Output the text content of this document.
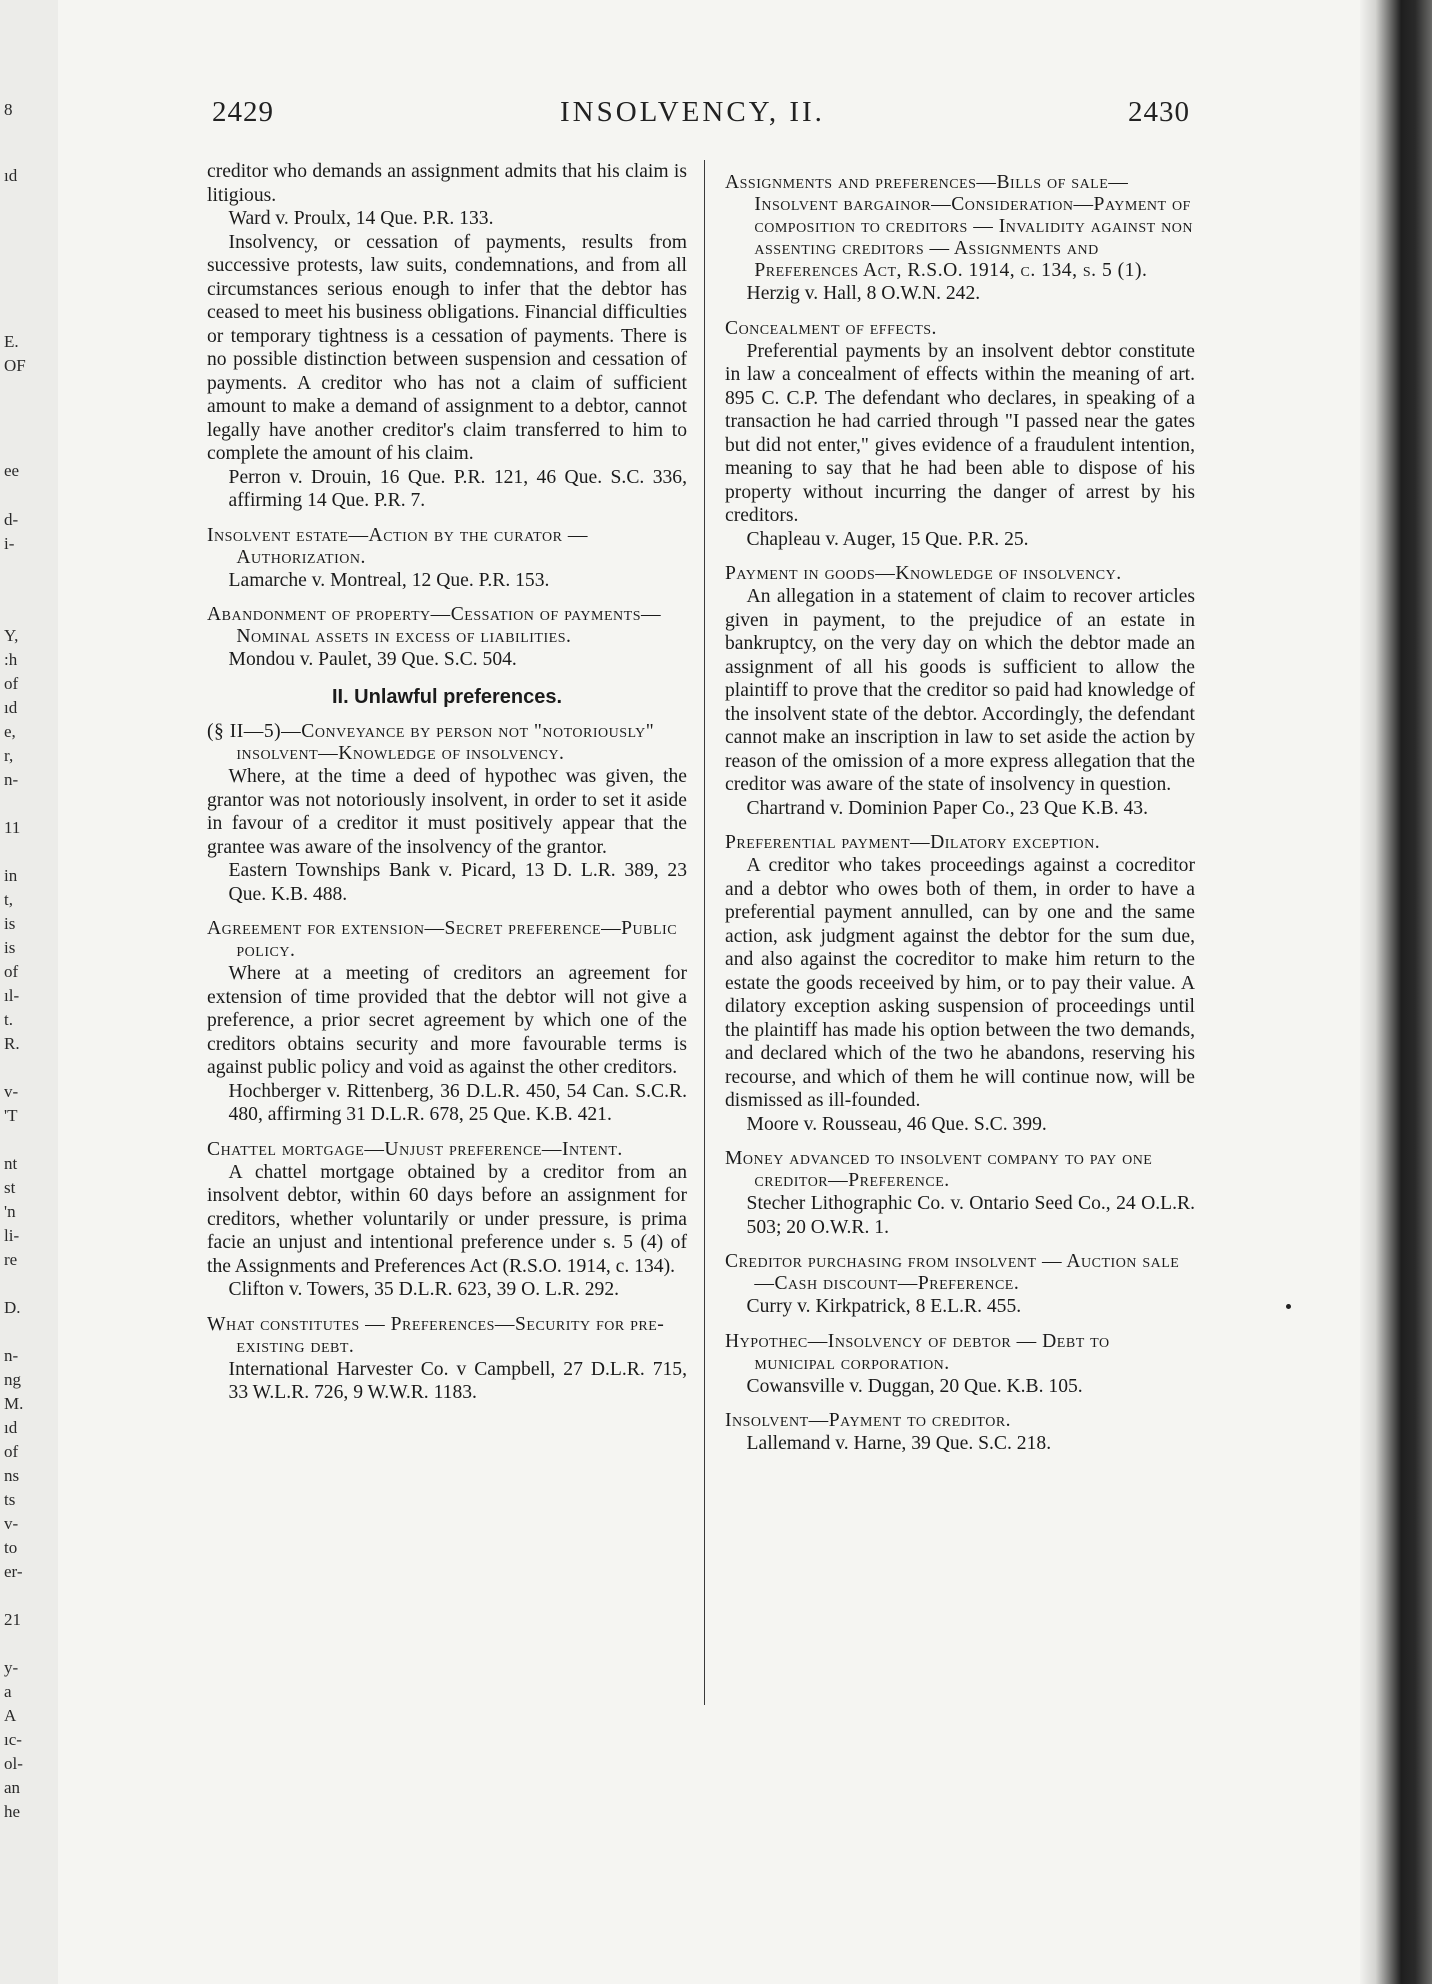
8
ıd
E.
OF
ee
d-
i-
Y,
:h
of
ıd
e,
r,
n-
11
in
t,
is
is
of
ıl-
t.
R.
v-
'T
nt
st
'n
li-
re
D.
n-
ng
M.
ıd
of
ns
ts
v-
to
er-
21
y-
a
A
ıc-
ol-
an
he
2429	INSOLVENCY, II.	2430

creditor who demands an assignment admits that his claim is litigious.

Ward v. Proulx, 14 Que. P.R. 133.

Insolvency, or cessation of payments, results from successive protests, law suits, condemnations, and from all circumstances serious enough to infer that the debtor has ceased to meet his business obligations. Financial difficulties or temporary tightness is a cessation of payments. There is no possible distinction between suspension and cessation of payments. A creditor who has not a claim of sufficient amount to make a demand of assignment to a debtor, cannot legally have another creditor's claim transferred to him to complete the amount of his claim.

Perron v. Drouin, 16 Que. P.R. 121, 46 Que. S.C. 336, affirming 14 Que. P.R. 7.

Insolvent estate—Action by the curator —Authorization.

Lamarche v. Montreal, 12 Que. P.R. 153.

Abandonment of property—Cessation of payments—Nominal assets in excess of liabilities.

Mondou v. Paulet, 39 Que. S.C. 504.

II. Unlawful preferences.

(§ II—5)—Conveyance by person not "notoriously" insolvent—Knowledge of insolvency.

Where, at the time a deed of hypothec was given, the grantor was not notoriously insolvent, in order to set it aside in favour of a creditor it must positively appear that the grantee was aware of the insolvency of the grantor.

Eastern Townships Bank v. Picard, 13 D. L.R. 389, 23 Que. K.B. 488.

Agreement for extension—Secret preference—Public policy.

Where at a meeting of creditors an agreement for extension of time provided that the debtor will not give a preference, a prior secret agreement by which one of the creditors obtains security and more favourable terms is against public policy and void as against the other creditors.

Hochberger v. Rittenberg, 36 D.L.R. 450, 54 Can. S.C.R. 480, affirming 31 D.L.R. 678, 25 Que. K.B. 421.

Chattel mortgage—Unjust preference—Intent.

A chattel mortgage obtained by a creditor from an insolvent debtor, within 60 days before an assignment for creditors, whether voluntarily or under pressure, is prima facie an unjust and intentional preference under s. 5 (4) of the Assignments and Preferences Act (R.S.O. 1914, c. 134).

Clifton v. Towers, 35 D.L.R. 623, 39 O. L.R. 292.

What constitutes — Preferences—Security for pre-existing debt.

International Harvester Co. v Campbell, 27 D.L.R. 715, 33 W.L.R. 726, 9 W.W.R. 1183.

Assignments and preferences—Bills of sale—Insolvent bargainor—Consideration—Payment of composition to creditors — Invalidity against non assenting creditors — Assignments and Preferences Act, R.S.O. 1914, c. 134, s. 5 (1).

Herzig v. Hall, 8 O.W.N. 242.

Concealment of effects.

Preferential payments by an insolvent debtor constitute in law a concealment of effects within the meaning of art. 895 C. C.P. The defendant who declares, in speaking of a transaction he had carried through "I passed near the gates but did not enter," gives evidence of a fraudulent intention, meaning to say that he had been able to dispose of his property without incurring the danger of arrest by his creditors.

Chapleau v. Auger, 15 Que. P.R. 25.

Payment in goods—Knowledge of insolvency.

An allegation in a statement of claim to recover articles given in payment, to the prejudice of an estate in bankruptcy, on the very day on which the debtor made an assignment of all his goods is sufficient to allow the plaintiff to prove that the creditor so paid had knowledge of the insolvent state of the debtor. Accordingly, the defendant cannot make an inscription in law to set aside the action by reason of the omission of a more express allegation that the creditor was aware of the state of insolvency in question.

Chartrand v. Dominion Paper Co., 23 Que K.B. 43.

Preferential payment—Dilatory exception.

A creditor who takes proceedings against a cocreditor and a debtor who owes both of them, in order to have a preferential payment annulled, can by one and the same action, ask judgment against the debtor for the sum due, and also against the cocreditor to make him return to the estate the goods receeived by him, or to pay their value. A dilatory exception asking suspension of proceedings until the plaintiff has made his option between the two demands, and declared which of the two he abandons, reserving his recourse, and which of them he will continue now, will be dismissed as ill-founded.

Moore v. Rousseau, 46 Que. S.C. 399.

Money advanced to insolvent company to pay one creditor—Preference.

Stecher Lithographic Co. v. Ontario Seed Co., 24 O.L.R. 503; 20 O.W.R. 1.

Creditor purchasing from insolvent — Auction sale—Cash discount—Preference.

Curry v. Kirkpatrick, 8 E.L.R. 455.

Hypothec—Insolvency of debtor — Debt to municipal corporation.

Cowansville v. Duggan, 20 Que. K.B. 105.

Insolvent—Payment to creditor.

Lallemand v. Harne, 39 Que. S.C. 218.
